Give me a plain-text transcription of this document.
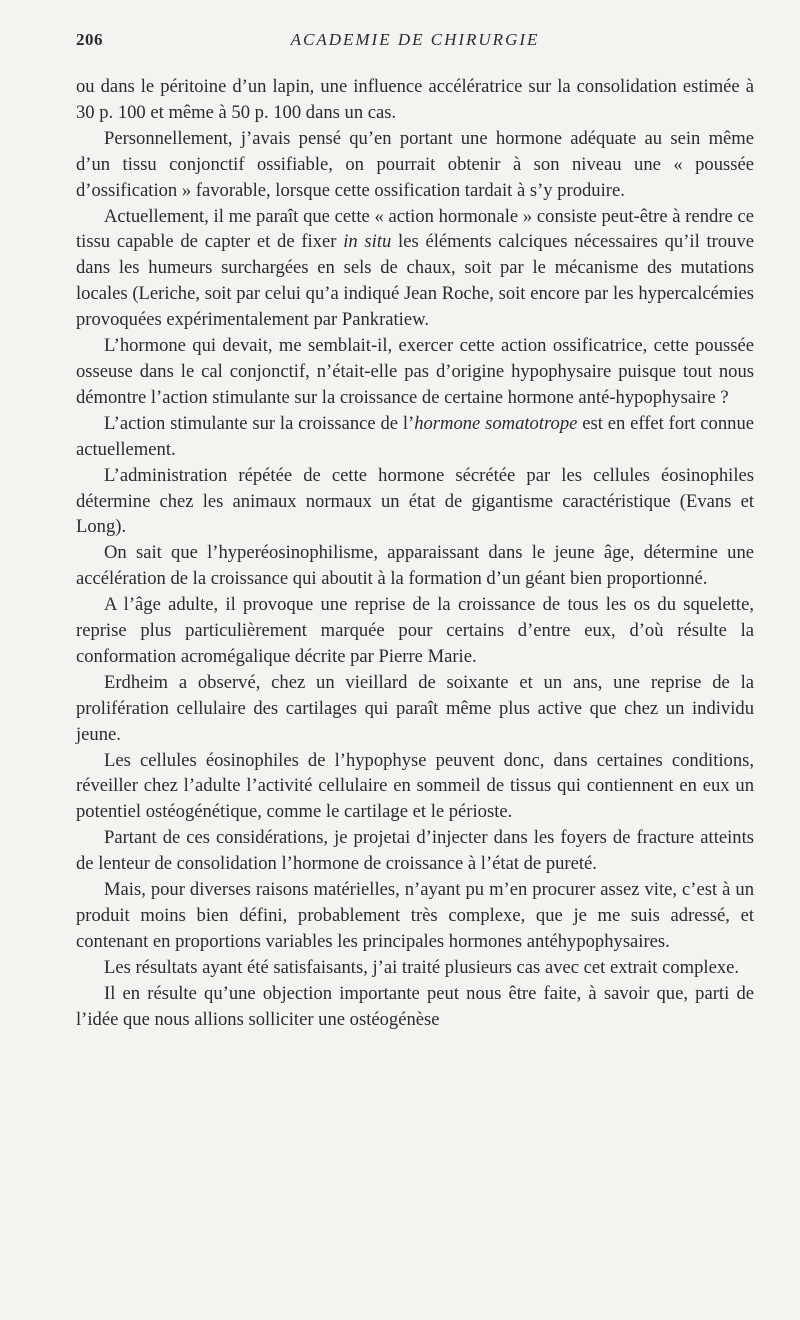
206	ACADEMIE DE CHIRURGIE

ou dans le péritoine d’un lapin, une influence accélératrice sur la consolidation estimée à 30 p. 100 et même à 50 p. 100 dans un cas.

Personnellement, j’avais pensé qu’en portant une hormone adéquate au sein même d’un tissu conjonctif ossifiable, on pourrait obtenir à son niveau une « poussée d’ossification » favorable, lorsque cette ossification tardait à s’y produire.

Actuellement, il me paraît que cette « action hormonale » consiste peut-être à rendre ce tissu capable de capter et de fixer in situ les éléments calciques nécessaires qu’il trouve dans les humeurs surchargées en sels de chaux, soit par le mécanisme des mutations locales (Leriche, soit par celui qu’a indiqué Jean Roche, soit encore par les hypercalcémies provoquées expérimentalement par Pankratiew.

L’hormone qui devait, me semblait-il, exercer cette action ossificatrice, cette poussée osseuse dans le cal conjonctif, n’était-elle pas d’origine hypophysaire puisque tout nous démontre l’action stimulante sur la croissance de certaine hormone anté-hypophysaire ?

L’action stimulante sur la croissance de l’hormone somatotrope est en effet fort connue actuellement.

L’administration répétée de cette hormone sécrétée par les cellules éosinophiles détermine chez les animaux normaux un état de gigantisme caractéristique (Evans et Long).

On sait que l’hyperéosinophilisme, apparaissant dans le jeune âge, détermine une accélération de la croissance qui aboutit à la formation d’un géant bien proportionné.

A l’âge adulte, il provoque une reprise de la croissance de tous les os du squelette, reprise plus particulièrement marquée pour certains d’entre eux, d’où résulte la conformation acromégalique décrite par Pierre Marie.

Erdheim a observé, chez un vieillard de soixante et un ans, une reprise de la prolifération cellulaire des cartilages qui paraît même plus active que chez un individu jeune.

Les cellules éosinophiles de l’hypophyse peuvent donc, dans certaines conditions, réveiller chez l’adulte l’activité cellulaire en sommeil de tissus qui contiennent en eux un potentiel ostéogénétique, comme le cartilage et le périoste.

Partant de ces considérations, je projetai d’injecter dans les foyers de fracture atteints de lenteur de consolidation l’hormone de croissance à l’état de pureté.

Mais, pour diverses raisons matérielles, n’ayant pu m’en procurer assez vite, c’est à un produit moins bien défini, probablement très complexe, que je me suis adressé, et contenant en proportions variables les principales hormones antéhypophysaires.

Les résultats ayant été satisfaisants, j’ai traité plusieurs cas avec cet extrait complexe.

Il en résulte qu’une objection importante peut nous être faite, à savoir que, parti de l’idée que nous allions solliciter une ostéogénèse
